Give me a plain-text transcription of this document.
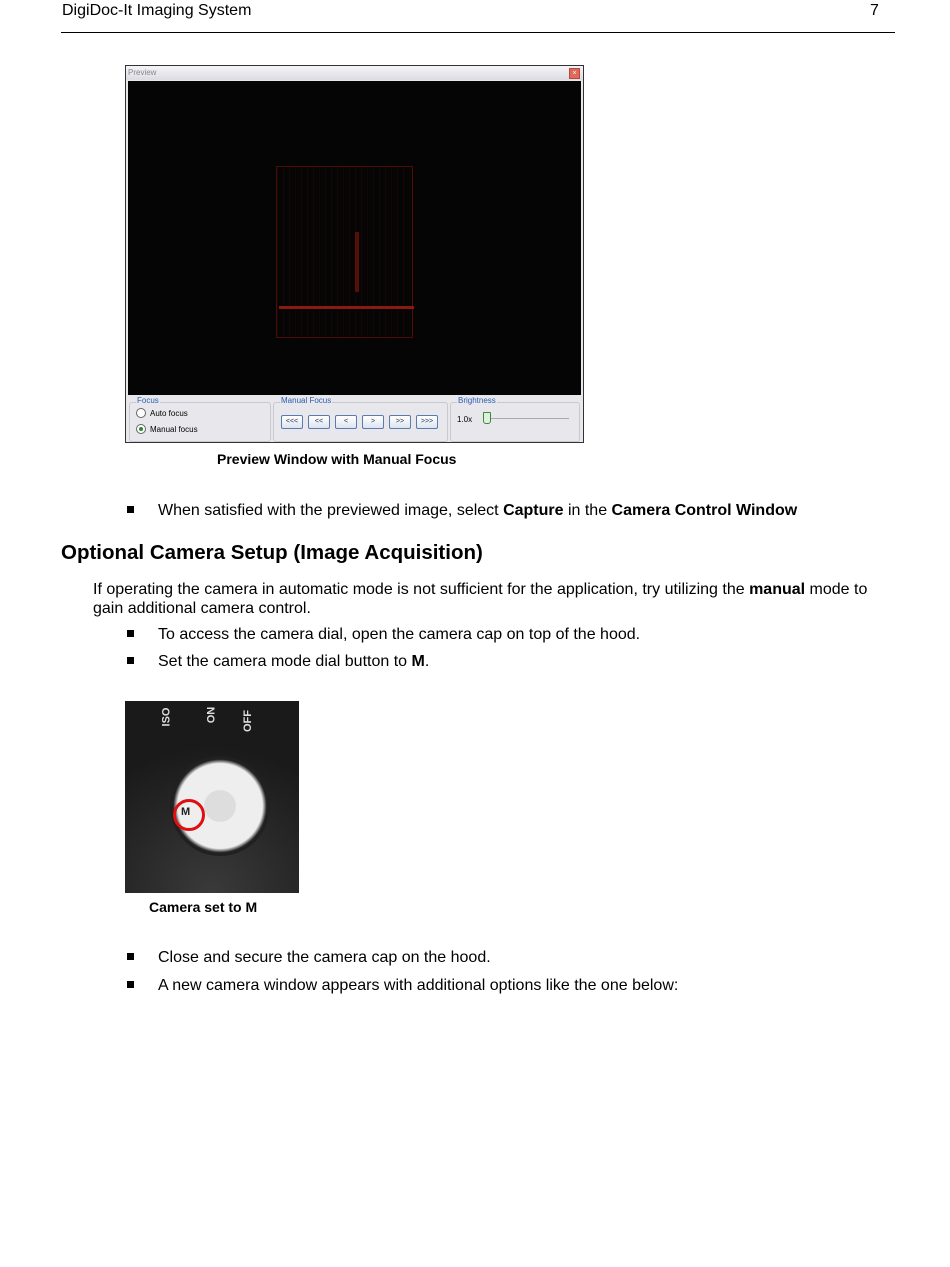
DigiDoc-It Imaging System	7
Preview	×
Focus
Auto focus
Manual focus
Manual Focus
<<<	<<	<	>	>>	>>>
Brightness
1.0x
Preview Window with Manual Focus
When satisfied with the previewed image, select Capture in the Camera Control Window
Optional Camera Setup (Image Acquisition)
If operating the camera in automatic mode is not sufficient for the application, try utilizing the manual mode to gain additional camera control.
To access the camera dial, open the camera cap on top of the hood.
Set the camera mode dial button to M.
ISO	ON OFF
M
Camera set to M
Close and secure the camera cap on the hood.
A new camera window appears with additional options like the one below:
